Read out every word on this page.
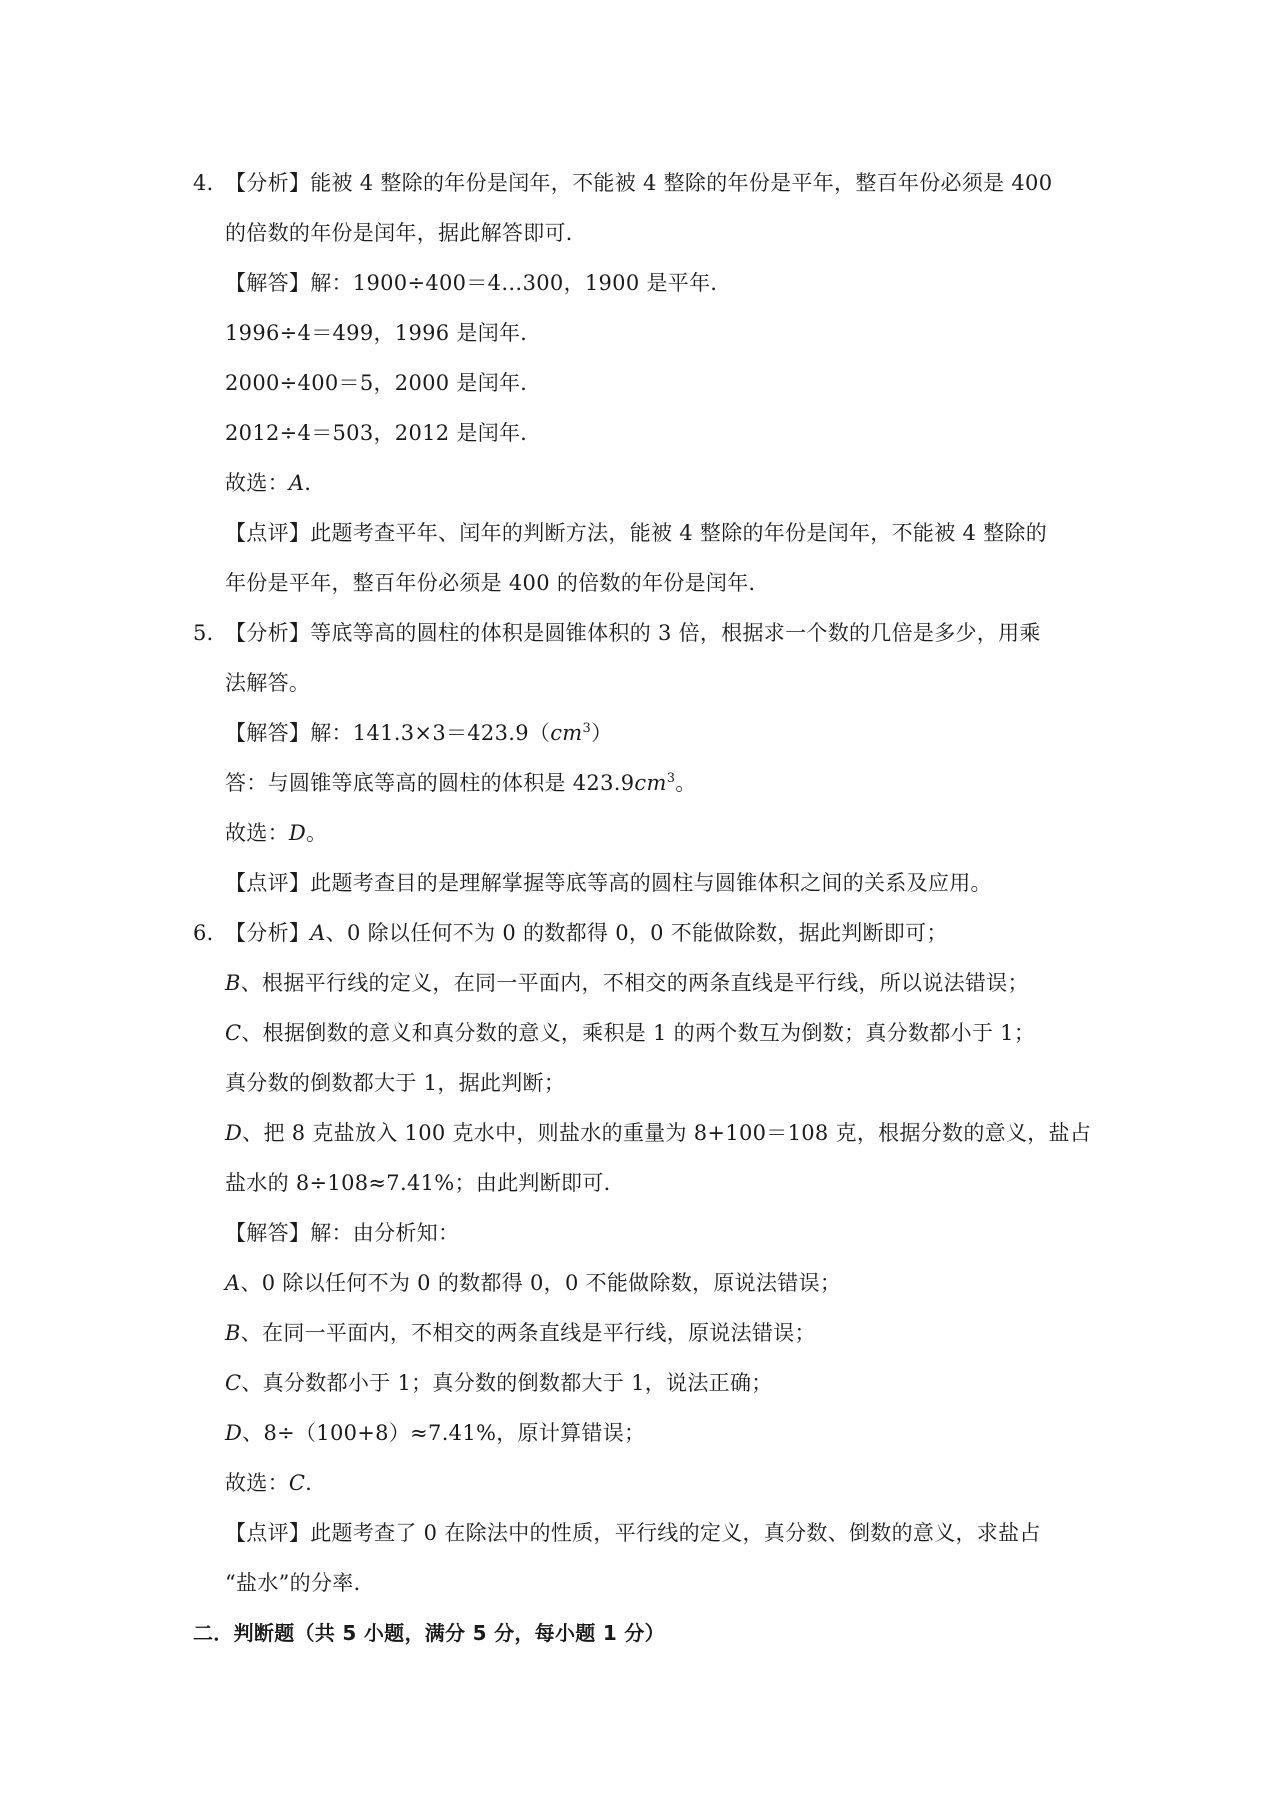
4．
【分析】能被 4 整除的年份是闰年，不能被 4 整除的年份是平年，整百年份必须是 400
的倍数的年份是闰年，据此解答即可．
【解答】解：1900÷400＝4…300，1900 是平年．
1996÷4＝499，1996 是闰年．
2000÷400＝5，2000 是闰年．
2012÷4＝503，2012 是闰年．
故选：A．
【点评】此题考查平年、闰年的判断方法，能被 4 整除的年份是闰年，不能被 4 整除的
年份是平年，整百年份必须是 400 的倍数的年份是闰年．
5．
【分析】等底等高的圆柱的体积是圆锥体积的 3 倍，根据求一个数的几倍是多少，用乘
法解答。
【解答】解：$141.3\times 3=423.9(cm^3)$
答：与圆锥等底等高的圆柱的体积是 $423.9cm^3$。
故选：D。
【点评】此题考查目的是理解掌握等底等高的圆柱与圆锥体积之间的关系及应用。
6．
【分析】A、0 除以任何不为 0 的数都得 0，0 不能做除数，据此判断即可；
B、根据平行线的定义，在同一平面内，不相交的两条直线是平行线，所以说法错误；
C、根据倒数的意义和真分数的意义，乘积是 1 的两个数互为倒数；真分数都小于 1；
真分数的倒数都大于 1，据此判断；
D、把 8 克盐放入 100 克水中，则盐水的重量为 8+100＝108 克，根据分数的意义，盐占
盐水的 8÷108≈7.41%；由此判断即可．
【解答】解：由分析知：
A、0 除以任何不为 0 的数都得 0，0 不能做除数，原说法错误；
B、在同一平面内，不相交的两条直线是平行线，原说法错误；
C、真分数都小于 1；真分数的倒数都大于 1，说法正确；
D、8÷（100+8）≈7.41%，原计算错误；
故选：C．
【点评】此题考查了 0 在除法中的性质，平行线的定义，真分数、倒数的意义，求盐占
“盐水”的分率．
二．判断题（共 5 小题，满分 5 分，每小题 1 分）
